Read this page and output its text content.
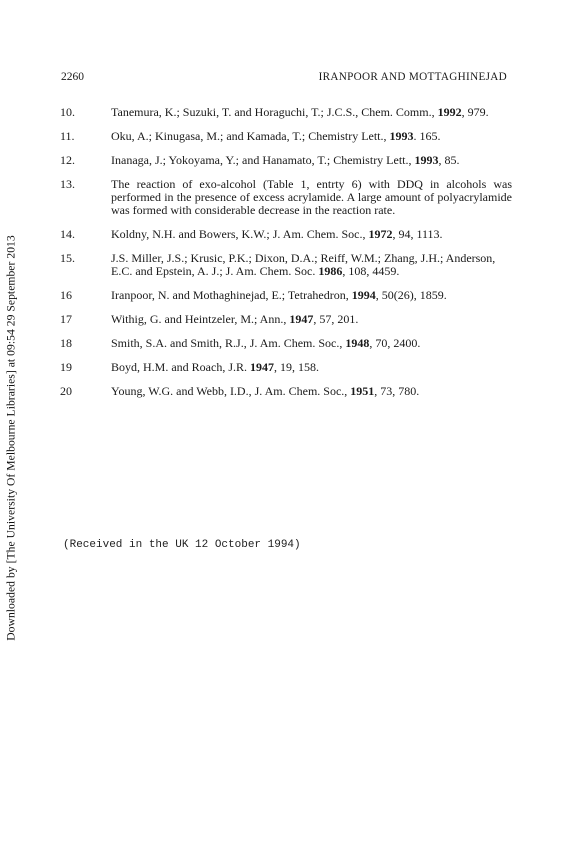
Downloaded by [The University Of Melbourne Libraries] at 09:54 29 September 2013
2260	IRANPOOR AND MOTTAGHINEJAD
10.	Tanemura, K.; Suzuki, T. and Horaguchi, T.; J.C.S., Chem. Comm., 1992, 979.
11.	Oku, A.; Kinugasa, M.; and Kamada, T.; Chemistry Lett., 1993. 165.
12.	Inanaga, J.; Yokoyama, Y.; and Hanamato, T.; Chemistry Lett., 1993, 85.
13.	The reaction of exo-alcohol (Table 1, entrty 6) with DDQ in alcohols was performed in the presence of excess acrylamide. A large amount of polyacrylamide was formed with considerable decrease in the reaction rate.
14.	Koldny, N.H. and Bowers, K.W.; J. Am. Chem. Soc., 1972, 94, 1113.
15.	J.S. Miller, J.S.; Krusic, P.K.; Dixon, D.A.; Reiff, W.M.; Zhang, J.H.; Anderson, E.C. and Epstein, A. J.; J. Am. Chem. Soc. 1986, 108, 4459.
16	Iranpoor, N. and Mothaghinejad, E.; Tetrahedron, 1994, 50(26), 1859.
17	Withig, G. and Heintzeler, M.; Ann., 1947, 57, 201.
18	Smith, S.A. and Smith, R.J., J. Am. Chem. Soc., 1948, 70, 2400.
19	Boyd, H.M. and Roach, J.R. 1947, 19, 158.
20	Young, W.G. and Webb, I.D., J. Am. Chem. Soc., 1951, 73, 780.
(Received in the UK 12 October 1994)
